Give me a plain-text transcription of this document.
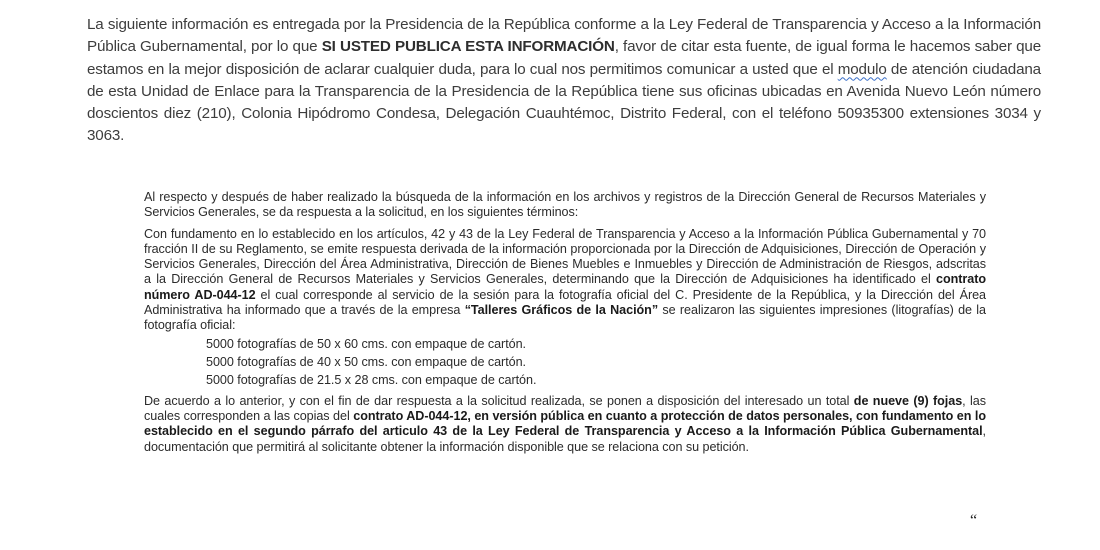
La siguiente información es entregada por la Presidencia de la República conforme a la Ley Federal de Transparencia y Acceso a la Información Pública Gubernamental, por lo que SI USTED PUBLICA ESTA INFORMACIÓN, favor de citar esta fuente, de igual forma le hacemos saber que estamos en la mejor disposición de aclarar cualquier duda, para lo cual nos permitimos comunicar a usted que el modulo de atención ciudadana de esta Unidad de Enlace para la Transparencia de la Presidencia de la República tiene sus oficinas ubicadas en Avenida Nuevo León número doscientos diez (210), Colonia Hipódromo Condesa, Delegación Cuauhtémoc, Distrito Federal, con el teléfono 50935300 extensiones 3034 y 3063.

Al respecto y después de haber realizado la búsqueda de la información en los archivos y registros de la Dirección General de Recursos Materiales y Servicios Generales, se da respuesta a la solicitud, en los siguientes términos:

Con fundamento en lo establecido en los artículos, 42 y 43 de la Ley Federal de Transparencia y Acceso a la Información Pública Gubernamental y 70 fracción II de su Reglamento, se emite respuesta derivada de la información proporcionada por la Dirección de Adquisiciones, Dirección de Operación y Servicios Generales, Dirección del Área Administrativa, Dirección de Bienes Muebles e Inmuebles y Dirección de Administración de Riesgos, adscritas a la Dirección General de Recursos Materiales y Servicios Generales, determinando que la Dirección de Adquisiciones ha identificado el contrato número AD-044-12 el cual corresponde al servicio de la sesión para la fotografía oficial del C. Presidente de la República, y la Dirección del Área Administrativa ha informado que a través de la empresa “Talleres Gráficos de la Nación” se realizaron las siguientes impresiones (litografías) de la fotografía oficial:

5000 fotografías de 50 x 60 cms. con empaque de cartón.
5000 fotografías de 40 x 50 cms. con empaque de cartón.
5000 fotografías de 21.5 x 28 cms. con empaque de cartón.

De acuerdo a lo anterior, y con el fin de dar respuesta a la solicitud realizada, se ponen a disposición del interesado un total de nueve (9) fojas, las cuales corresponden a las copias del contrato AD-044-12, en versión pública en cuanto a protección de datos personales, con fundamento en lo establecido en el segundo párrafo del articulo 43 de la Ley Federal de Transparencia y Acceso a la Información Pública Gubernamental, documentación que permitirá al solicitante obtener la información disponible que se relaciona con su petición.

“
